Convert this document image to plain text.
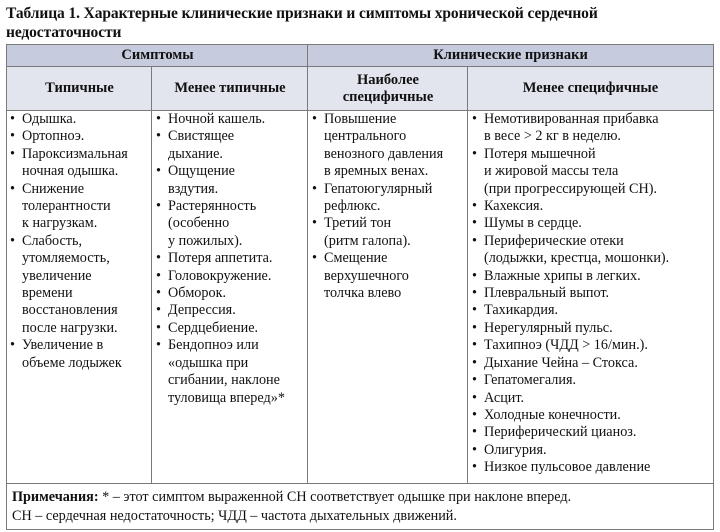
Таблица 1. Характерные клинические признаки и симптомы хронической сердечной недостаточности
Симптомы	Клинические признаки
Типичные	Менее типичные
Наиболее специфичные
Менее специфичные
• Одышка.
• Ортопноэ.
• Пароксизмальная
ночная одышка.
• Снижение
толерантности
к нагрузкам.
• Слабость,
утомляемость,
увеличение
времени
восстановления
после нагрузки.
• Увеличение в
объеме лодыжек
• Ночной кашель.
• Свистящее
дыхание.
• Ощущение
вздутия.
• Растерянность
(особенно
у пожилых).
• Потеря аппетита.
• Головокружение.
• Обморок.
• Депрессия.
• Сердцебиение.
• Бендопноэ или
«одышка при
сгибании, наклоне
туловища вперед»*
• Повышение
центрального
венозного давления
в яремных венах.
• Гепатоюгулярный
рефлюкс.
• Третий тон
(ритм галопа).
• Смещение
верхушечного
толчка влево
• Немотивированная прибавка
в весе > 2 кг в неделю.
• Потеря мышечной
и жировой массы тела
(при прогрессирующей СН).
• Кахексия.
• Шумы в сердце.
• Периферические отеки
(лодыжки, крестца, мошонки).
• Влажные хрипы в легких.
• Плевральный выпот.
• Тахикардия.
• Нерегулярный пульс.
• Тахипноэ (ЧДД > 16/мин.).
• Дыхание Чейна – Стокса.
• Гепатомегалия.
• Асцит.
• Холодные конечности.
• Периферический цианоз.
• Олигурия.
• Низкое пульсовое давление
Примечания: * – этот симптом выраженной СН соответствует одышке при наклоне вперед.
СН – сердечная недостаточность; ЧДД – частота дыхательных движений.
